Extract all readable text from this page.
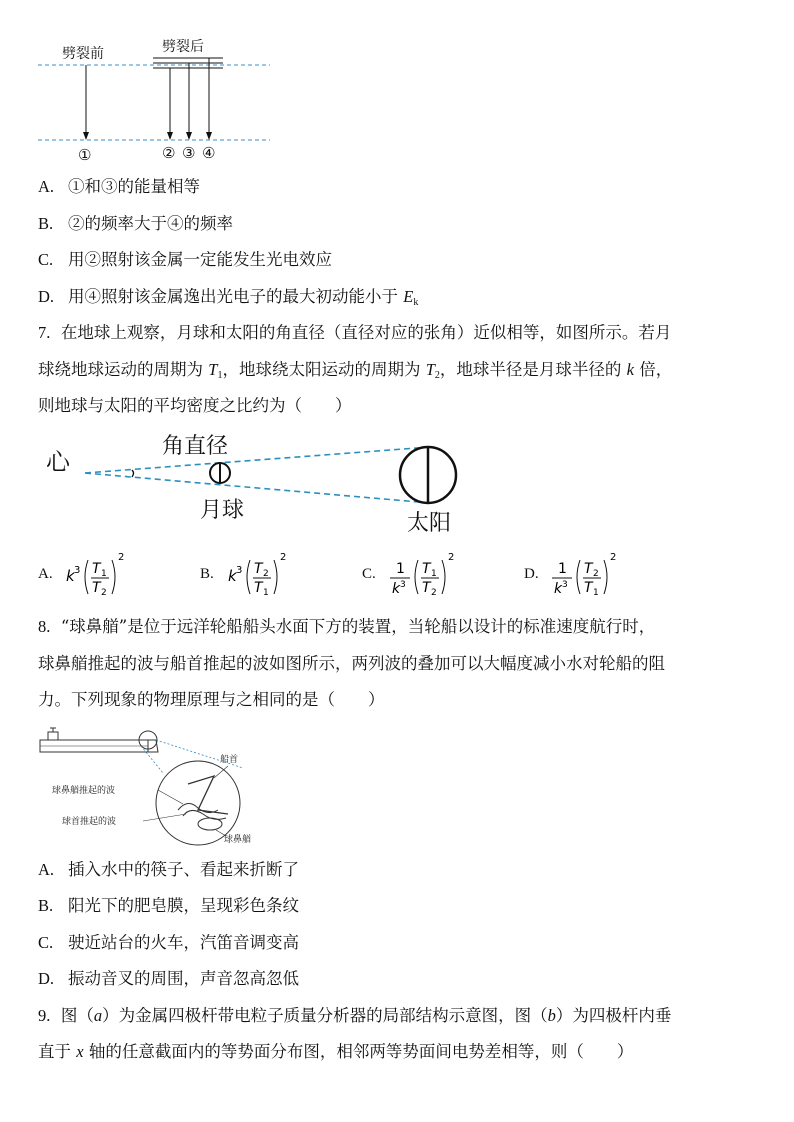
劈裂前	劈裂后
①	② ③ ④
A. ①和③的能量相等
B. ②的频率大于④的频率
C. 用②照射该金属一定能发生光电效应
D. 用④照射该金属逸出光电子的最大初动能小于 $E_k$
7. 在地球上观察，月球和太阳的角直径（直径对应的张角）近似相等，如图所示。若月
球绕地球运动的周期为 $T_1$，地球绕太阳运动的周期为 $T_2$，地球半径是月球半径的 k 倍，
则地球与太阳的平均密度之比约为（　　）
心
角直径
月球
太阳
A. k 3 T 1
T 2
2
B. k 3 T 2
T 1
2
C. 1
k 3
T 1
T 2
2
D. 1
k 3
T 2
T 1
2
8. “球鼻艏”是位于远洋轮船船头水面下方的装置，当轮船以设计的标准速度航行时，
球鼻艏推起的波与船首推起的波如图所示，两列波的叠加可以大幅度减小水对轮船的阻
力。下列现象的物理原理与之相同的是（　　）
船首
球鼻艏推起的波
球首推起的波
球鼻艏
A. 插入水中的筷子、看起来折断了
B. 阳光下的肥皂膜，呈现彩色条纹
C. 驶近站台的火车，汽笛音调变高
D. 振动音叉的周围，声音忽高忽低
9. 图（a）为金属四极杆带电粒子质量分析器的局部结构示意图，图（b）为四极杆内垂
直于 x 轴的任意截面内的等势面分布图，相邻两等势面间电势差相等，则（　　）
